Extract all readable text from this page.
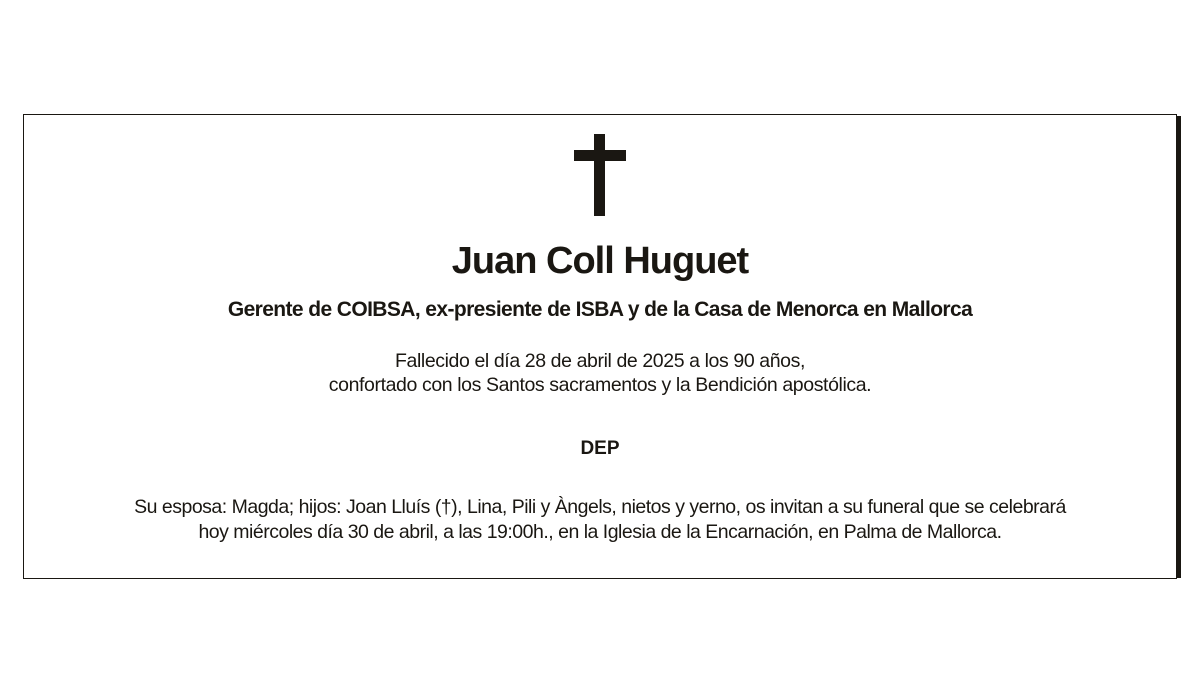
Juan Coll Huguet
Gerente de COIBSA, ex-presiente de ISBA y de la Casa de Menorca en Mallorca
Fallecido el día 28 de abril de 2025 a los 90 años,
confortado con los Santos sacramentos y la Bendición apostólica.
DEP
Su esposa: Magda; hijos: Joan Lluís (†), Lina, Pili y Àngels, nietos y yerno, os invitan a su funeral que se celebrará
hoy miércoles día 30 de abril, a las 19:00h., en la Iglesia de la Encarnación, en Palma de Mallorca.
